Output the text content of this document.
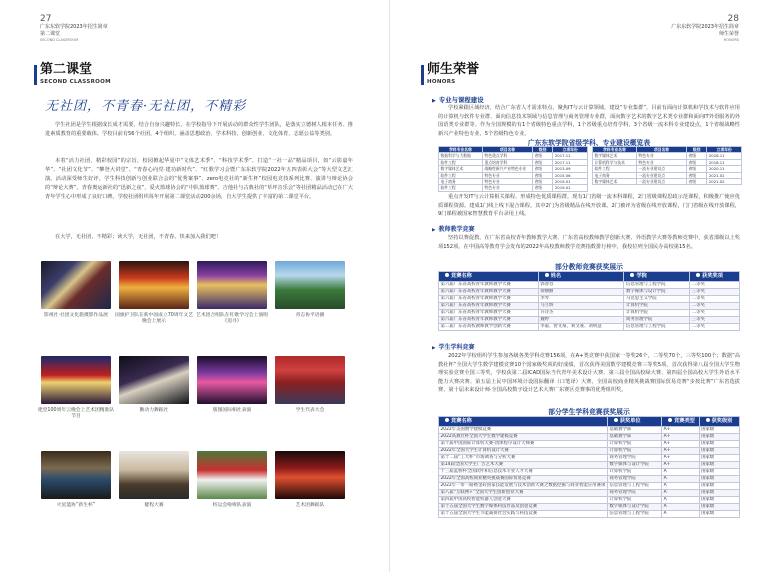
27
广东东软学院2023年招生简章
第二课堂
SECOND CLASSROOM
第二课堂
SECOND CLASSROOM
无社团，不青春·无社团，不精彩

学生社团是学生根据成长成才需要，结合自身兴趣特长，在学校指导下开展活动的群众性学生团队，是落实立德树人根本任务、推进素质教育的重要载体。学校目前有56个社团，4个组织，涵盖思想政治、学术科技、创新创业、文化体育、志愿公益等类别。

本着“活力社团，精彩校园”的宗旨，校园掀起华夏中“文体艺术季”、“科技学术季”，打造“一社一品”精品项目，如“云影嘉年华”、“社团文化节”、“攀登大讲堂”、“青春心向党·建功新时代”、“红歌学习会暨广东东软学院2022年五四表彰大会”等大型文艺汇演。活动深受师生好评，学生科技创新与创业联合会的“优秀案事”、zero电竞社的“新生杯”校园电竞技系列比赛、演讲与辩论协会的“辩论大赛”、青春奥运新社的“迅新之夜”，爱火篮球协会的“中队篮球赛”、吉他社与古典社的“草坪音乐会”等社团精品活动已在广大青年学生心中形成了良好口碑。学校社团组织每年开展第二课堂活动200余场，自大学生提供了丰富的第二课堂平台。

在大学，无社团，不精彩；读大学，无社团，不青春。快来加入我们吧！

影视社·社团文化旅摄影作品展	国旗护卫队在新中国成立70周年文艺晚会上展示
艺术团合唱队在红歌学习会上演唱《追寻》
青志协平语播
建党100周年云晚会上艺术团精准队节目
勤动力舞蹈社	版图国际相社表演	学生代表大会
火星篮协“新生杯”	健程大赛	校运会啦啦队表演	艺术团舞蹈队
28
广东东软学院2023年招生简章
师生荣誉
HONORS
师生荣誉
HONORS
▶ 专业与课程建设

学校紧跟区域经济，结合广东省人才需求特点，聚焦IT与云计算领域，建设“专业集群”，目前有面向计算机和学技术与软件应用的计算机与软件专业群、面向信息技术领域与信息管理与商务管理专业群，面向数字艺术的数字艺术类专业群和面向IT外语服务的外国语类专业群等。作为全国规模的有1个省级特色重点学科，1个省级重点培育学科，3个省级一流本科专业建设点，1个省级战略性新兴产业特色专业，5个省级特色专业。

广东东软学院省级学科、专业建设概览表
学科专业名称	项目名称	级别	立项年份
数据科学与大数据	特色重点学科	省级	2017.11
软件工程	重点培育学科	省级	2017.11
数字媒体艺术	战略性新兴产业特色专业	省级	2013.09
软件工程	特色专业	省级	2015.06
电子商务	特色专业	省级	2019.01
软件工程	特色专业	省级	2019.01
学科专业名称	项目名称	级别	立项年份
数字媒体艺术	特色专业	省级	2018.11
计算机科学与技术	特色专业	省级	2018.11
软件工程	一流专业建设点	省级	2020.11
电子商务	一流专业建设点	省级	2021.02
数字媒体艺术	一流专业建设点	省级	2021.02

重点开发IT与云计算相关课程，形成特色优质课程群。现有1门省级一流本科课程，2门省级课程思政示范课程，积极推广使应优质课程资源。建成1门线上线下混合课程。其中2门为省级精品在线开放课。2门被评为省级在线开放课程，门门省级在线开放课程，9门课程被国家智慧教育平台录用上线。

▶ 教师教学竞赛

坚持以赛促教，在广东省高校青年教师教学大赛、广东省高校教师教学创新大赛、外语教学大赛等教师竞赛中，获省部级以上奖项152项。在中国高等教育学会发布的2022年高校教师教学竞赛指数排行榜中，我校位列全国民办高校第15名。

部分教师竞赛获奖展示
竞赛名称	姓名	学院	获奖奖项
第六届广东省高校青年教师教学大赛	郭春容	信息管理与工程学院	二等奖
第六届广东省高校青年教师教学大赛	徐丽丽	数字媒体与设计学院	三等奖
第六届广东省高校青年教师教学大赛	李琴	马克思主义学院	二等奖
第六届广东省高校青年教师教学大赛	马立娇	计算机学院	二等奖
第六届广东省高校青年教师教学大赛	许诗杰	计算机学院	二等奖
第六届广东省高校青年教师教学大赛	魏婷	商务管理学院	三等奖
第二届广东省高校教师教学创新大赛	李董、智文豪、刘文豪、刘明慧	信息管理与工程学院	二等奖
▶ 学生学科竞赛

2022年学校组织学生参加各级各类学科竞赛156项，在A+类竞赛中获国家一等奖26个，二等奖70个，三等奖100个；数据“高教社杯”全国大学生数学建模竞赛10个国家级奖项的好成绩，首次获得美国数学建模竞赛三等奖5项，首次获得第八届全国大学生物理实验竞赛全国三等奖，学校获第二届ICAD国际当代青年美术设计大赛、第三届全国高校绿大赛、第四届全国高校大学生外语水平能力大赛决赛、第五届上民中国环境计设国际翻译（口笔译）大赛、全国高校商业精英挑战赛国际贸易竞赛“步按比赛”广东省选拔赛、第十届未来设计师·全国高校数字设计艺术大赛广东赛区竞赛事的优秀组织奖。

部分学生学科竞赛获奖展示
竞赛名称	获奖单位	竞赛类型	获奖级别
2022年美国数学建模竞赛	基础教学部	A+	国家级
2022高教社杯全国大学生数学建模竞赛	基础教学部	A+	国家级
第十届中国国际计算机大赛-团体程序设计天梯赛	计算机学院	A+	国家级
2022年全国大学生计算机设计大赛	计算机学院	A+	国家级
第十二届“工大杯”市场调查与分析大赛	商务管理学院	A+	国家级
第14届全国大学生广告艺术大赛	数字媒体与设计学院	A+	国家级
十三届蓝桥杯全国软件和信息技术专业人才大赛	计算机学院	A	国家级
2022年全国高校商业精英挑战赛国际贸易竞赛	商务管理学院	A	国家级
2022年一带一路暨金砖国家技能发展与技术创新大赛之数据挖掘与商业智能应用赛项	信息管理与工程学院	A	国家级
第八届“互联网+”全国大学生创新创业大赛	商务管理学院	A	国家级
第四届中国高校智能机器人创意大赛	计算机学院	A	国家级
第十五届全国大学生数字媒体科技作品及创意竞赛	数字媒体与设计学院	A	国家级
第十五届全国大学生节能减排社会实践与科技竞赛	信息管理与工程学院	A	国家级
